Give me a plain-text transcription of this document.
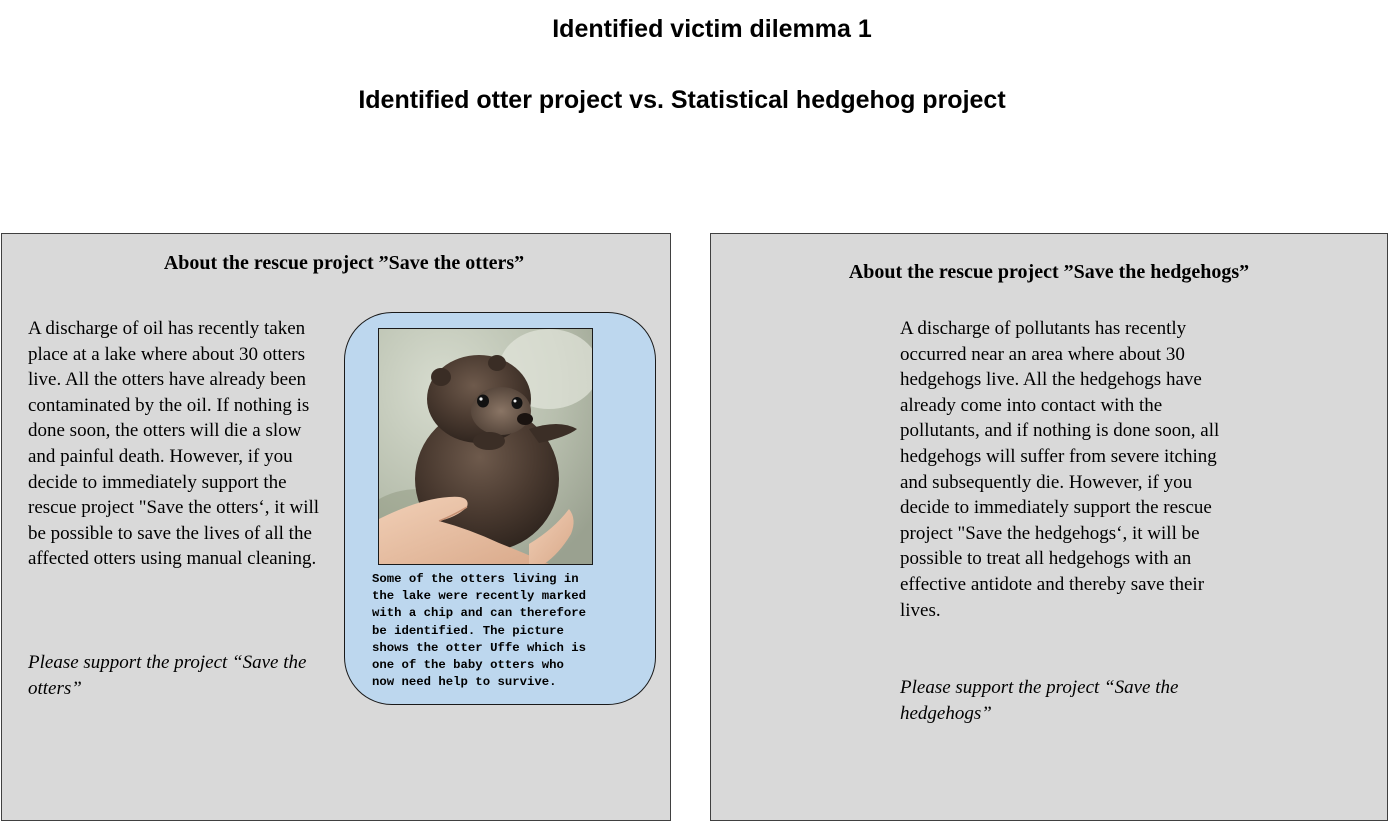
Identified victim dilemma 1
Identified otter project vs. Statistical hedgehog project
About the rescue project ”Save the otters”

A discharge of oil has recently taken place at a lake where about 30 otters live. All the otters have already been contaminated by the oil. If nothing is done soon, the otters will die a slow and painful death. However, if you decide to immediately support the rescue project "Save the otters‘, it will be possible to save the lives of all the affected otters using manual cleaning.

Please support the project “Save the otters”

Some of the otters living in
the lake were recently marked
with a chip and can therefore
be identified. The picture
shows the otter Uffe which is
one of the baby otters who
now need help to survive.

About the rescue project ”Save the hedgehogs”

A discharge of pollutants has recently occurred near an area where about 30 hedgehogs live. All the hedgehogs have already come into contact with the pollutants, and if nothing is done soon, all hedgehogs will suffer from severe itching and subsequently die. However, if you decide to immediately support the rescue project "Save the hedgehogs‘, it will be possible to treat all hedgehogs with an effective antidote and thereby save their lives.

Please support the project “Save the hedgehogs”
